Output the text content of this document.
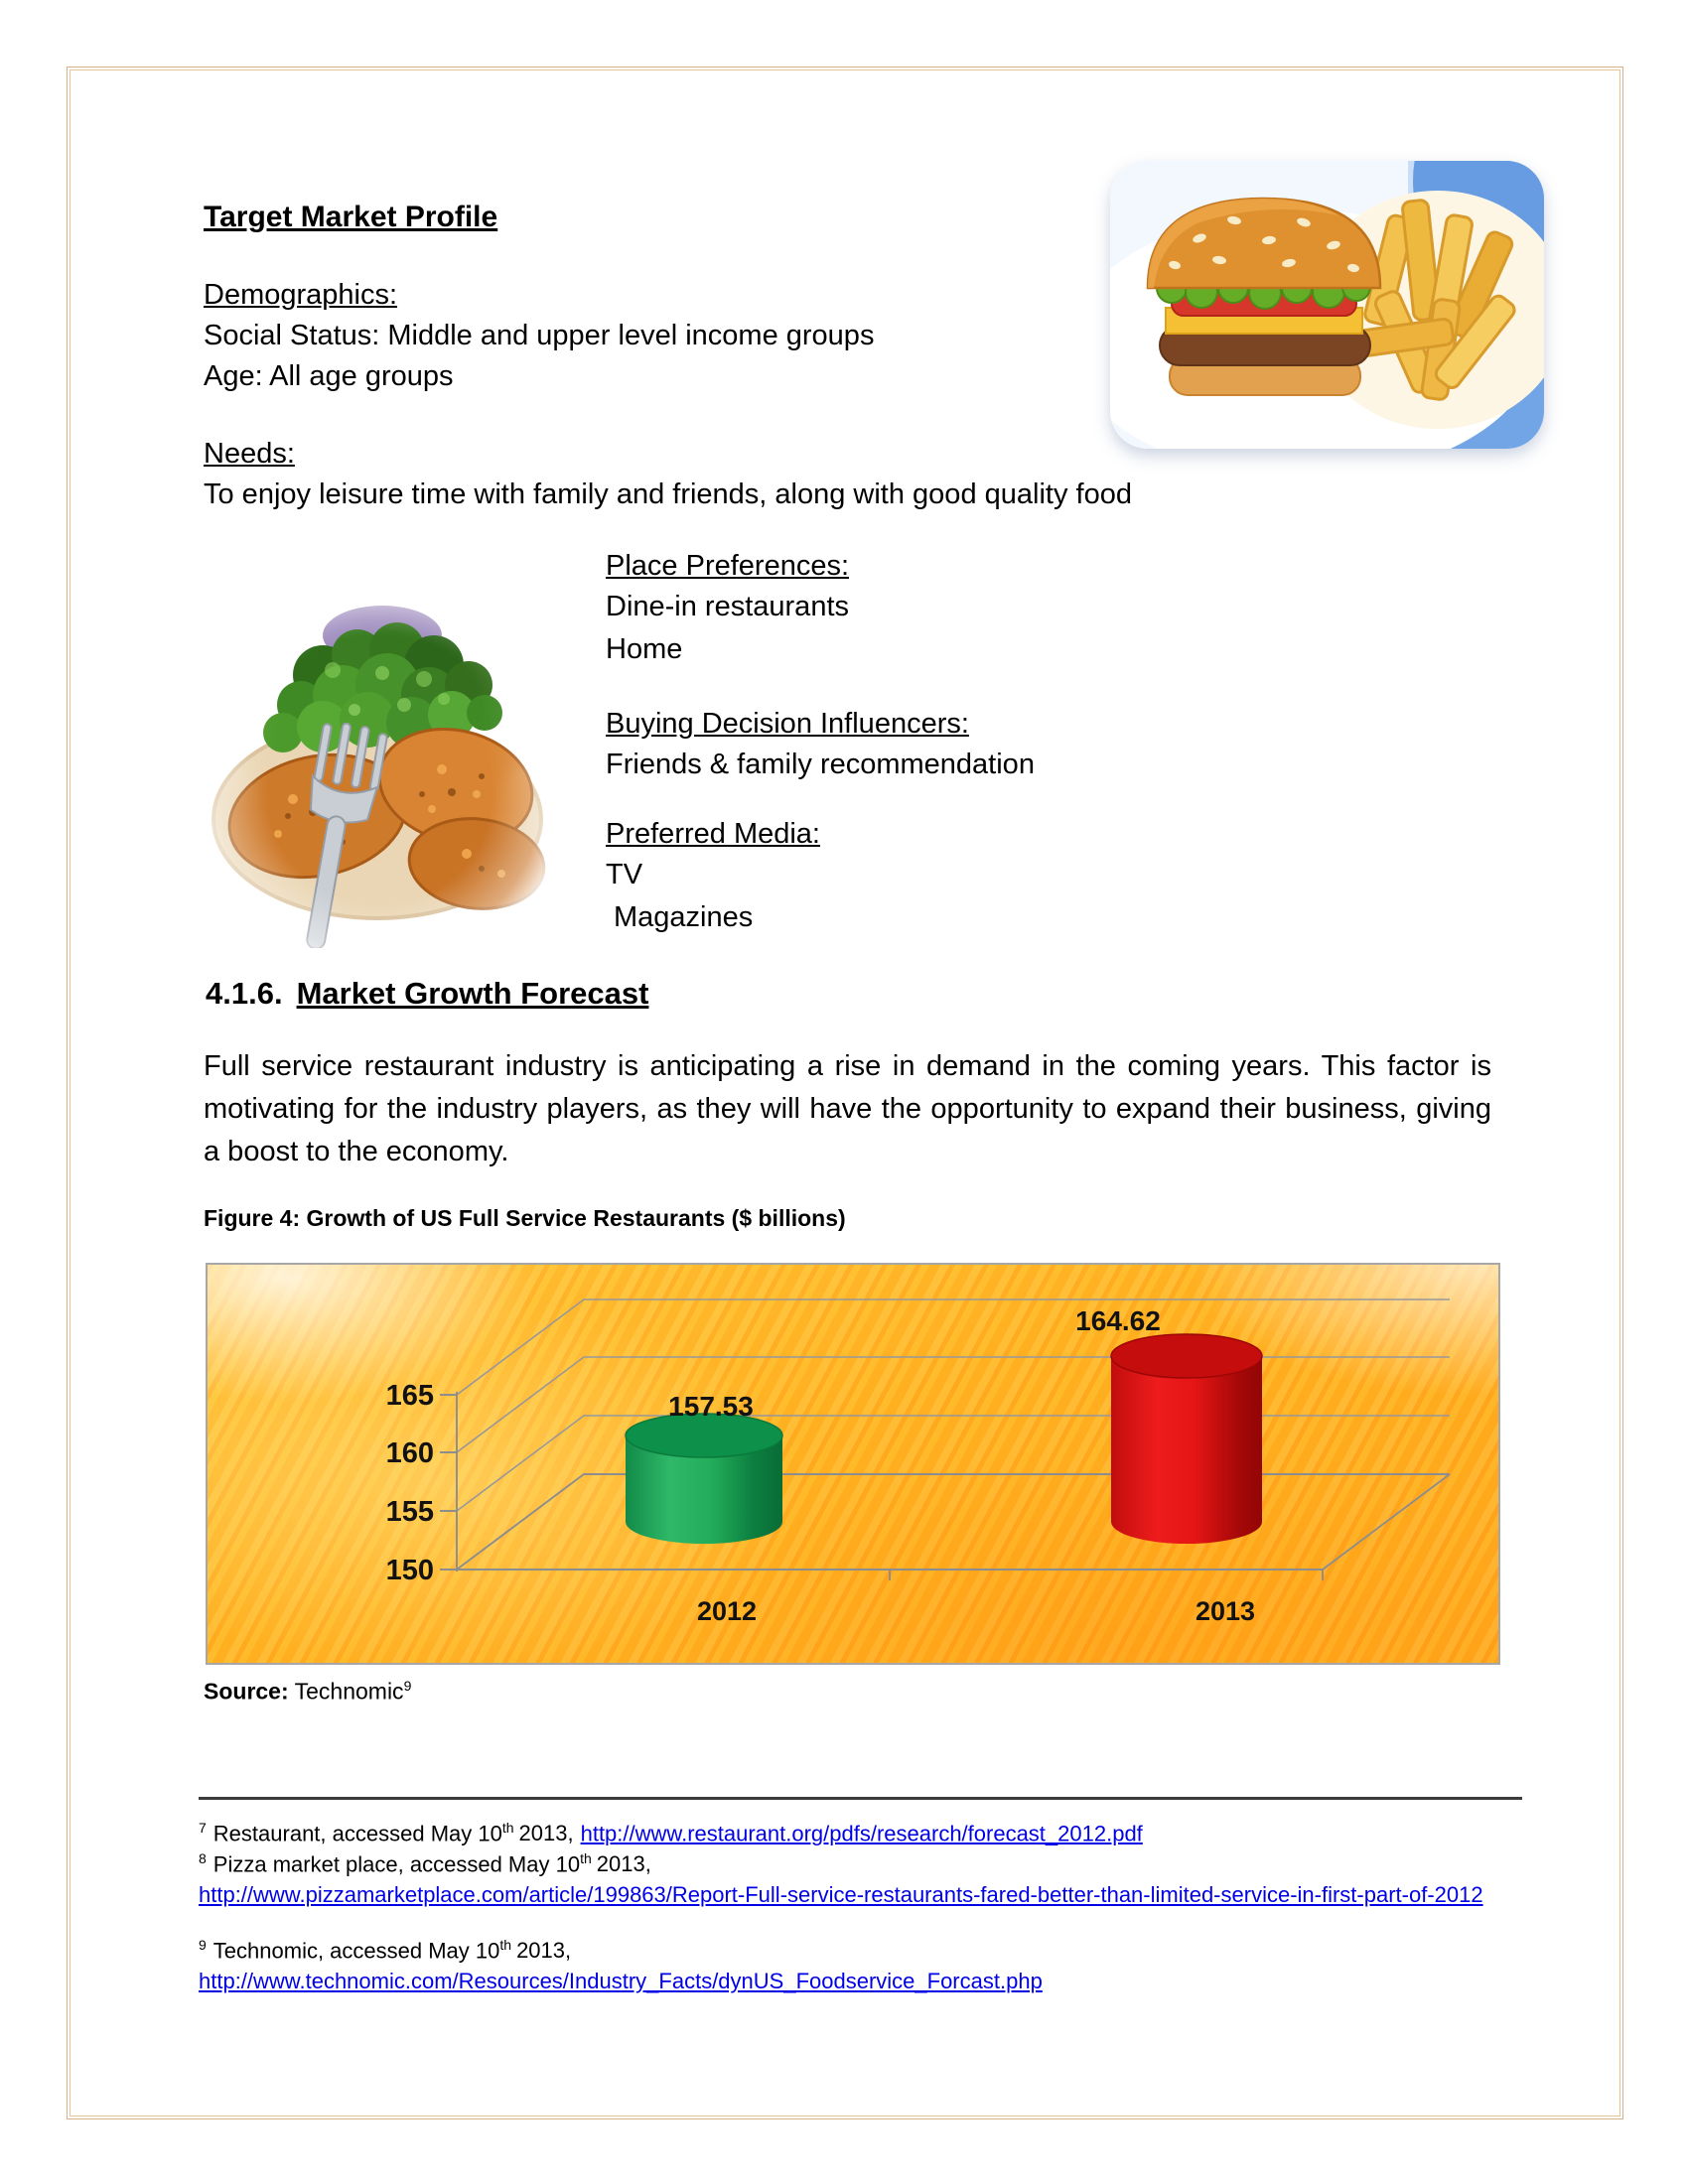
Target Market Profile
Demographics:
Social Status: Middle and upper level income groups
Age: All age groups
Needs:
To enjoy leisure time with family and friends, along with good quality food
Place Preferences:
Dine-in restaurants
Home
Buying Decision Influencers:
Friends & family recommendation
Preferred Media:
TV
Magazines
4.1.6. Market Growth Forecast

Full service restaurant industry is anticipating a rise in demand in the coming years. This factor is motivating for the industry players, as they will have the opportunity to expand their business, giving a boost to the economy.

Figure 4: Growth of US Full Service Restaurants ($ billions)
165
160
155
150
157.53
164.62
2012	2013
Source: Technomic$^9$
$^7$ Restaurant, accessed May 10th 2013, http://www.restaurant.org/pdfs/research/forecast_2012.pdf
$^8$ Pizza market place, accessed May 10th 2013,
http://www.pizzamarketplace.com/article/199863/Report-Full-service-restaurants-fared-better-than-limited-service-in-first-part-of-2012
$^9$ Technomic, accessed May 10th 2013,
http://www.technomic.com/Resources/Industry_Facts/dynUS_Foodservice_Forcast.php
